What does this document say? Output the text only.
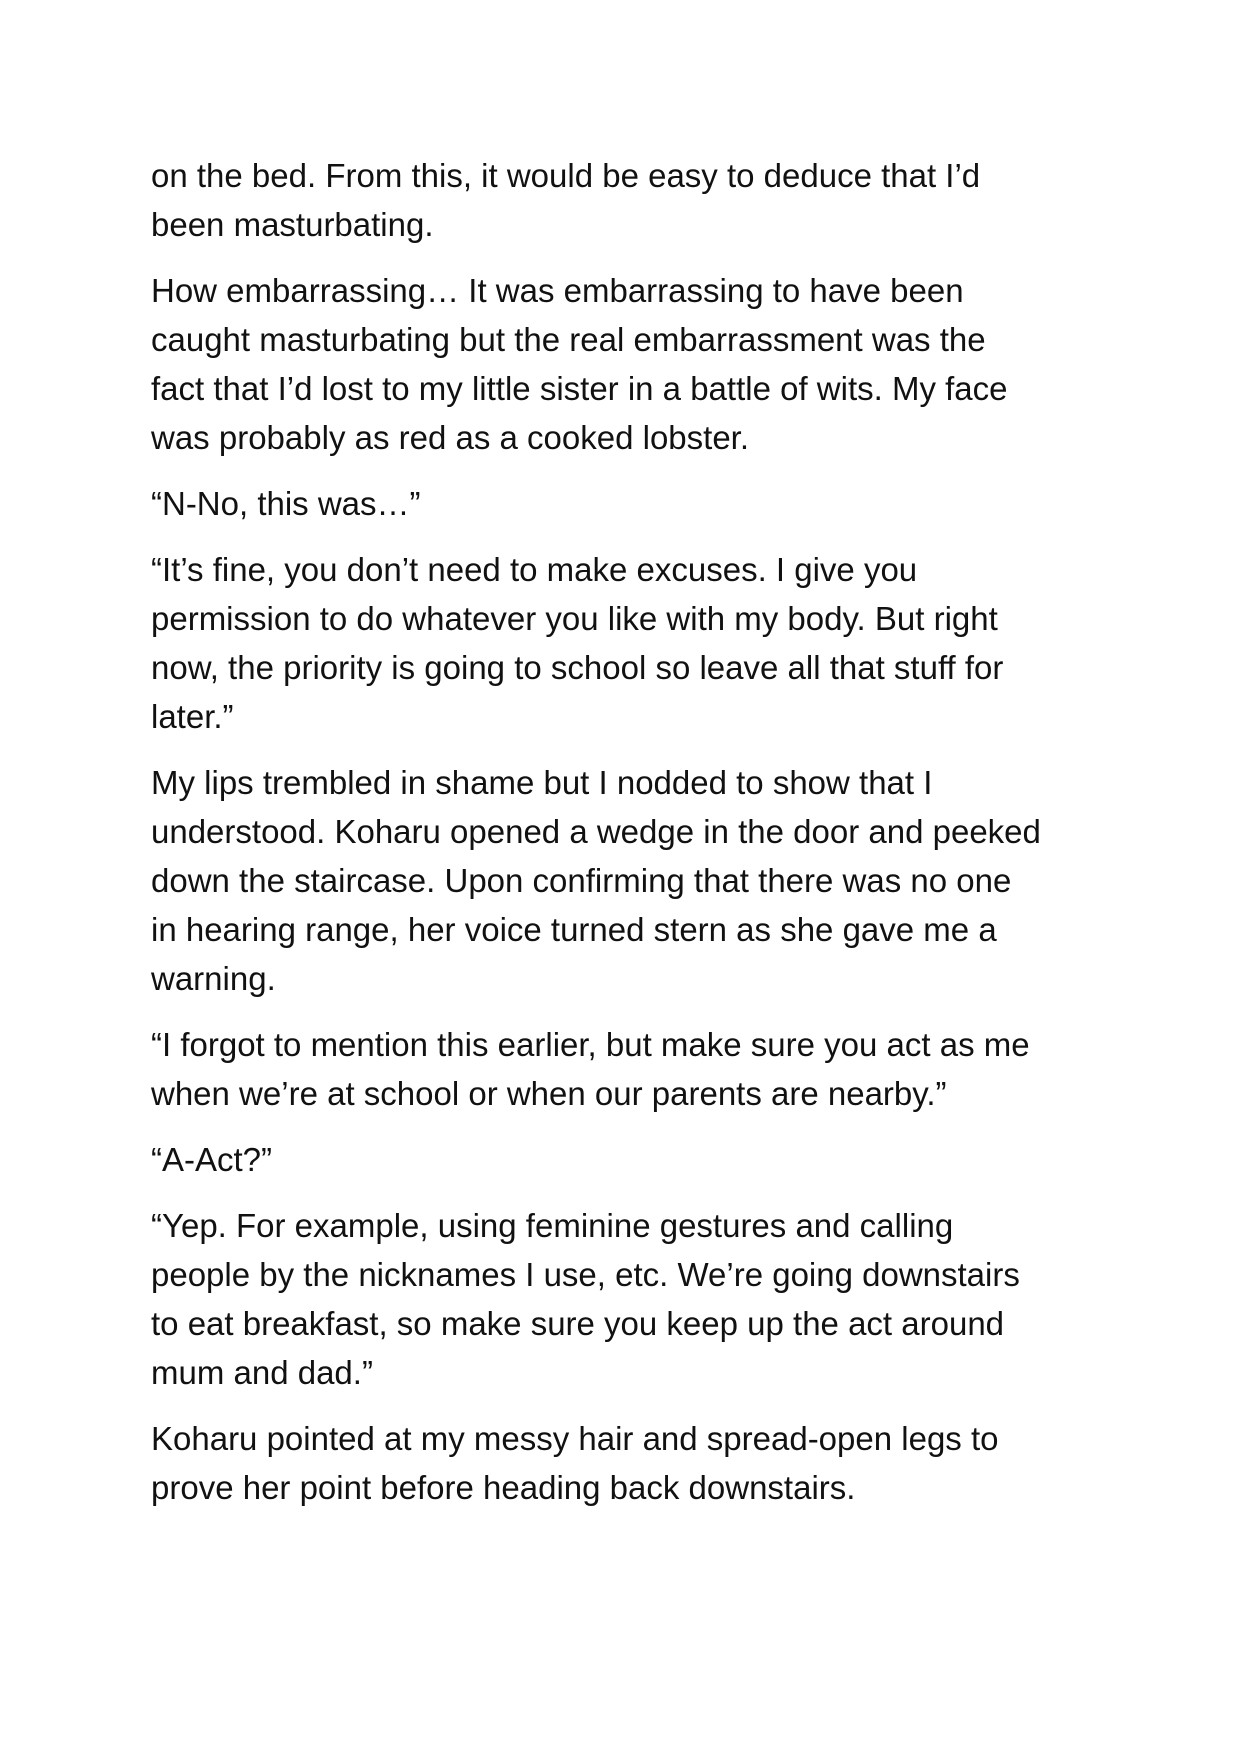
on the bed. From this, it would be easy to deduce that I’d
been masturbating.

How embarrassing… It was embarrassing to have been
caught masturbating but the real embarrassment was the
fact that I’d lost to my little sister in a battle of wits. My face
was probably as red as a cooked lobster.

“N-No, this was…”

“It’s fine, you don’t need to make excuses. I give you
permission to do whatever you like with my body. But right
now, the priority is going to school so leave all that stuff for
later.”

My lips trembled in shame but I nodded to show that I
understood. Koharu opened a wedge in the door and peeked
down the staircase. Upon confirming that there was no one
in hearing range, her voice turned stern as she gave me a
warning.

“I forgot to mention this earlier, but make sure you act as me
when we’re at school or when our parents are nearby.”

“A-Act?”

“Yep. For example, using feminine gestures and calling
people by the nicknames I use, etc. We’re going downstairs
to eat breakfast, so make sure you keep up the act around
mum and dad.”

Koharu pointed at my messy hair and spread-open legs to
prove her point before heading back downstairs.
